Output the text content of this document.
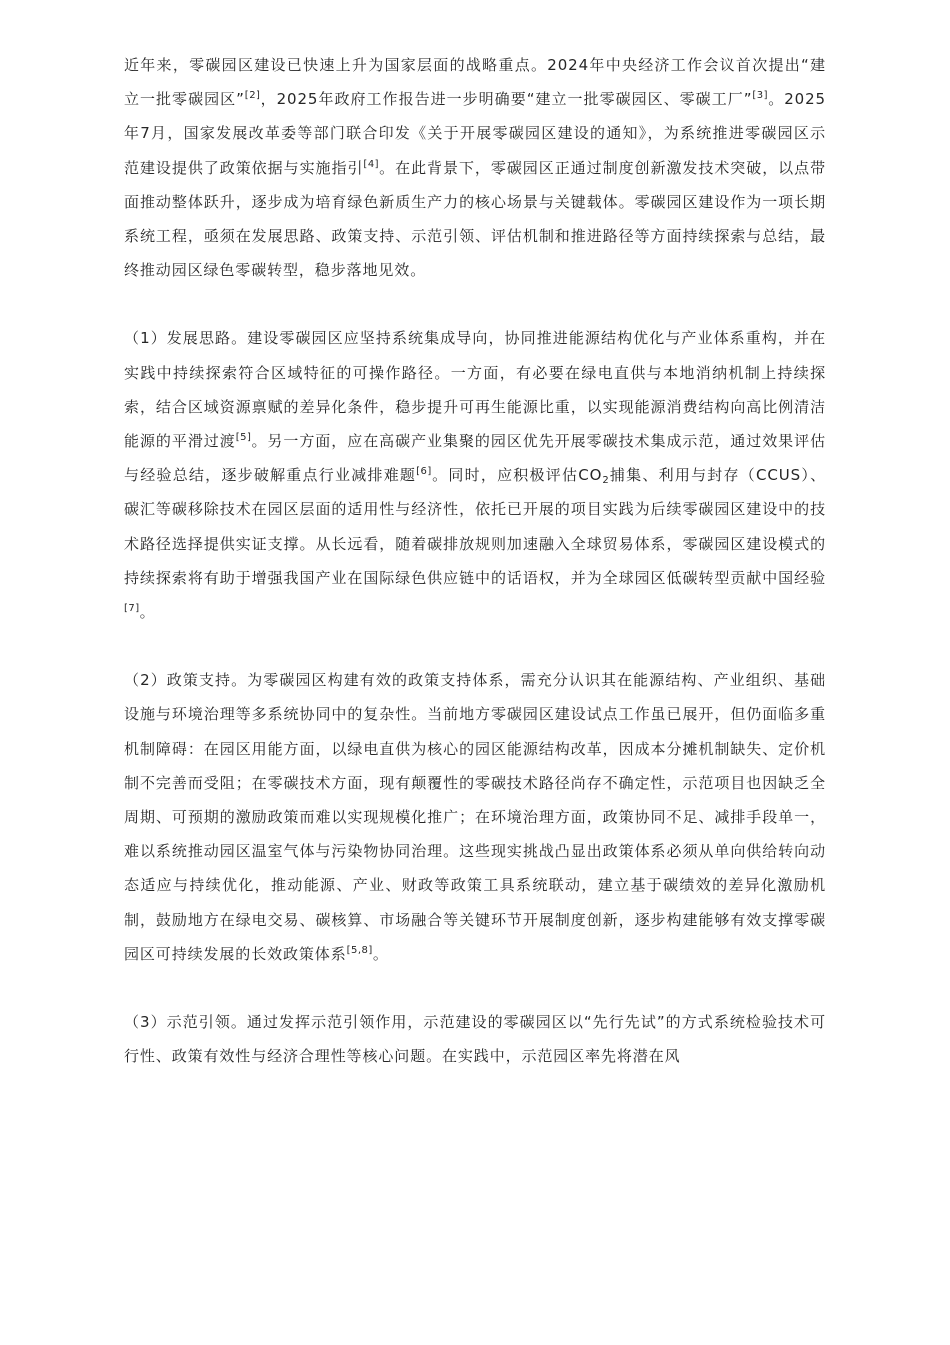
近年来，零碳园区建设已快速上升为国家层面的战略重点。2024年中央经济工作会议首次提出“建立一批零碳园区”[2]，2025年政府工作报告进一步明确要“建立一批零碳园区、零碳工厂”[3]。2025年7月，国家发展改革委等部门联合印发《关于开展零碳园区建设的通知》，为系统推进零碳园区示范建设提供了政策依据与实施指引[4]。在此背景下，零碳园区正通过制度创新激发技术突破，以点带面推动整体跃升，逐步成为培育绿色新质生产力的核心场景与关键载体。零碳园区建设作为一项长期系统工程，亟须在发展思路、政策支持、示范引领、评估机制和推进路径等方面持续探索与总结，最终推动园区绿色零碳转型，稳步落地见效。

（1）发展思路。建设零碳园区应坚持系统集成导向，协同推进能源结构优化与产业体系重构，并在实践中持续探索符合区域特征的可操作路径。一方面，有必要在绿电直供与本地消纳机制上持续探索，结合区域资源禀赋的差异化条件，稳步提升可再生能源比重，以实现能源消费结构向高比例清洁能源的平滑过渡[5]。另一方面，应在高碳产业集聚的园区优先开展零碳技术集成示范，通过效果评估与经验总结，逐步破解重点行业减排难题[6]。同时，应积极评估$CO_2$捕集、利用与封存（CCUS）、碳汇等碳移除技术在园区层面的适用性与经济性，依托已开展的项目实践为后续零碳园区建设中的技术路径选择提供实证支撑。从长远看，随着碳排放规则加速融入全球贸易体系，零碳园区建设模式的持续探索将有助于增强我国产业在国际绿色供应链中的话语权，并为全球园区低碳转型贡献中国经验[7]。

（2）政策支持。为零碳园区构建有效的政策支持体系，需充分认识其在能源结构、产业组织、基础设施与环境治理等多系统协同中的复杂性。当前地方零碳园区建设试点工作虽已展开，但仍面临多重机制障碍：在园区用能方面，以绿电直供为核心的园区能源结构改革，因成本分摊机制缺失、定价机制不完善而受阻；在零碳技术方面，现有颠覆性的零碳技术路径尚存不确定性，示范项目也因缺乏全周期、可预期的激励政策而难以实现规模化推广；在环境治理方面，政策协同不足、减排手段单一，难以系统推动园区温室气体与污染物协同治理。这些现实挑战凸显出政策体系必须从单向供给转向动态适应与持续优化，推动能源、产业、财政等政策工具系统联动，建立基于碳绩效的差异化激励机制，鼓励地方在绿电交易、碳核算、市场融合等关键环节开展制度创新，逐步构建能够有效支撑零碳园区可持续发展的长效政策体系[5,8]。

（3）示范引领。通过发挥示范引领作用，示范建设的零碳园区以“先行先试”的方式系统检验技术可行性、政策有效性与经济合理性等核心问题。在实践中，示范园区率先将潜在风
